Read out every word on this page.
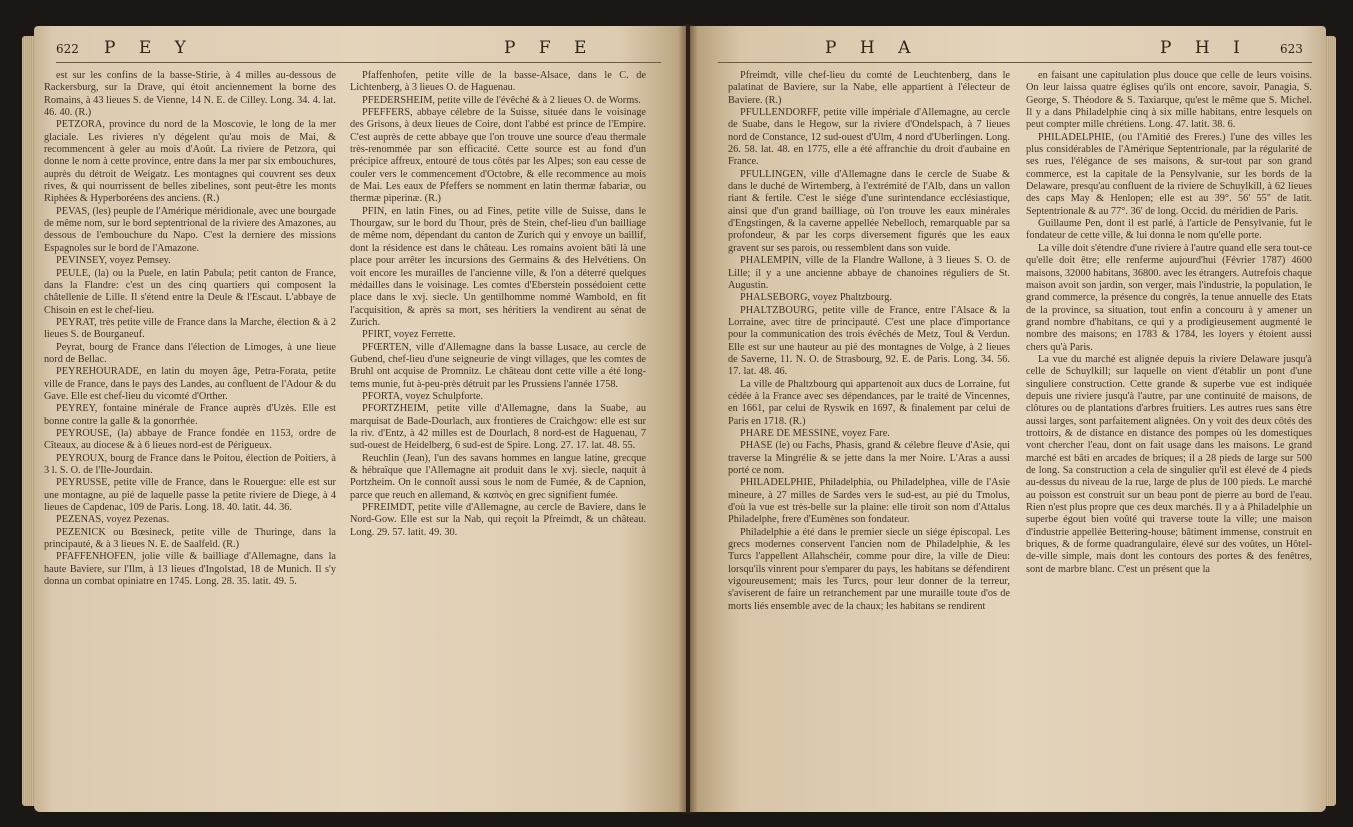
622 P E Y	P F E

est sur les confins de la basse-Stirie, à 4 milles au-dessous de Rackersburg, sur la Drave, qui étoit anciennement la borne des Romains, à 43 lieues S. de Vienne, 14 N. E. de Cilley. Long. 34. 4. lat. 46. 40. (R.)

PETZORA, province du nord de la Moscovie, le long de la mer glaciale. Les rivieres n'y dégelent qu'au mois de Mai, & recommencent à geler au mois d'Août. La riviere de Petzora, qui donne le nom à cette province, entre dans la mer par six embouchures, auprès du détroit de Weigatz. Les montagnes qui couvrent ses deux rives, & qui nourrissent de belles zibelines, sont peut-être les monts Riphées & Hyperboréens des anciens. (R.)

PEVAS, (les) peuple de l'Amérique méridionale, avec une bourgade de même nom, sur le bord septentrional de la riviere des Amazones, au dessous de l'embouchure du Napo. C'est la derniere des missions Espagnoles sur le bord de l'Amazone.

PEVINSEY, voyez Pemsey.

PEULE, (la) ou la Puele, en latin Pabula; petit canton de France, dans la Flandre: c'est un des cinq quartiers qui composent la châtellenie de Lille. Il s'étend entre la Deule & l'Escaut. L'abbaye de Chisoin en est le chef-lieu.

PEYRAT, très petite ville de France dans la Marche, élection & à 2 lieues S. de Bourganeuf.

Peyrat, bourg de France dans l'élection de Limoges, à une lieue nord de Bellac.

PEYREHOURADE, en latin du moyen âge, Petra-Forata, petite ville de France, dans le pays des Landes, au confluent de l'Adour & du Gave. Elle est chef-lieu du vicomté d'Orther.

PEYREY, fontaine minérale de France auprès d'Uzès. Elle est bonne contre la galle & la gonorrhée.

PEYROUSE, (la) abbaye de France fondée en 1153, ordre de Cîteaux, au diocese & à 6 lieues nord-est de Périgueux.

PEYROUX, bourg de France dans le Poitou, élection de Poitiers, à 3 l. S. O. de l'Ile-Jourdain.

PEYRUSSE, petite ville de France, dans le Rouergue: elle est sur une montagne, au pié de laquelle passe la petite riviere de Diege, à 4 lieues de Capdenac, 109 de Paris. Long. 18. 40. latit. 44. 36.

PEZENAS, voyez Pezenas.

PEZENICK ou Bœsineck, petite ville de Thuringe, dans la principauté, & à 3 lieues N. E. de Saalfeld. (R.)

PFAFFENHOFEN, jolie ville & bailliage d'Allemagne, dans la haute Baviere, sur l'Ilm, à 13 lieues d'Ingolstad, 18 de Munich. Il s'y donna un combat opiniatre en 1745. Long. 28. 35. latit. 49. 5.

Pfaffenhofen, petite ville de la basse-Alsace, dans le C. de Lichtenberg, à 3 lieues O. de Haguenau.

PFEDERSHEIM, petite ville de l'évêché & à 2 lieues O. de Worms.

PFEFFERS, abbaye célebre de la Suisse, située dans le voisinage des Grisons, à deux lieues de Coire, dont l'abbé est prince de l'Empire. C'est auprès de cette abbaye que l'on trouve une source d'eau thermale très-renommée par son efficacité. Cette source est au fond d'un précipice affreux, entouré de tous côtés par les Alpes; son eau cesse de couler vers le commencement d'Octobre, & elle recommence au mois de Mai. Les eaux de Pfeffers se nomment en latin thermæ fabariæ, ou thermæ piperinæ. (R.)

PFIN, en latin Fines, ou ad Fines, petite ville de Suisse, dans le Thourgaw, sur le bord du Thour, près de Stein, chef-lieu d'un bailliage de même nom, dépendant du canton de Zurich qui y envoye un baillif, dont la résidence est dans le château. Les romains avoient bâti là une place pour arrêter les incursions des Germains & des Helvétiens. On voit encore les murailles de l'ancienne ville, & l'on a déterré quelques médailles dans le voisinage. Les comtes d'Eberstein possédoient cette place dans le xvj. siecle. Un gentilhomme nommé Wambold, en fit l'acquisition, & après sa mort, ses héritiers la vendirent au sénat de Zurich.

PFIRT, voyez Ferrette.

PFŒRTEN, ville d'Allemagne dans la basse Lusace, au cercle de Gubend, chef-lieu d'une seigneurie de vingt villages, que les comtes de Bruhl ont acquise de Promnitz. Le château dont cette ville a été long-tems munie, fut à-peu-près détruit par les Prussiens l'année 1758.

PFORTA, voyez Schulpforte.

PFORTZHEIM, petite ville d'Allemagne, dans la Suabe, au marquisat de Bade-Dourlach, aux frontieres de Craichgow: elle est sur la riv. d'Entz, à 42 milles est de Dourlach, 8 nord-est de Haguenau, 7 sud-ouest de Heidelberg, 6 sud-est de Spire. Long. 27. 17. lat. 48. 55.

Reuchlin (Jean), l'un des savans hommes en langue latine, grecque & hébraïque que l'Allemagne ait produit dans le xvj. siecle, naquit à Portzheim. On le connoît aussi sous le nom de Fumée, & de Capnion, parce que reuch en allemand, & καπνὸς en grec signifient fumée.

PFREIMDT, petite ville d'Allemagne, au cercle de Baviere, dans le Nord-Gow. Elle est sur la Nab, qui reçoit la Pfreimdt, & un château. Long. 29. 57. latit. 49. 30.

P H A	P H I	623

Pfreimdt, ville chef-lieu du comté de Leuchtenberg, dans le palatinat de Baviere, sur la Nabe, elle appartient à l'électeur de Baviere. (R.)

PFULLENDORFF, petite ville impériale d'Allemagne, au cercle de Suabe, dans le Hegow, sur la riviere d'Ondelspach, à 7 lieues nord de Constance, 12 sud-ouest d'Ulm, 4 nord d'Uberlingen. Long. 26. 58. lat. 48. en 1775, elle a été affranchie du droit d'aubaine en France.

PFULLINGEN, ville d'Allemagne dans le cercle de Suabe & dans le duché de Wirtemberg, à l'extrémité de l'Alb, dans un vallon riant & fertile. C'est le siége d'une surintendance ecclésiastique, ainsi que d'un grand bailliage, où l'on trouve les eaux minérales d'Engstingen, & la caverne appellée Nebelloch, remarquable par sa profondeur, & par les corps diversement figurés que les eaux gravent sur ses parois, ou ressemblent dans son vuide.

PHALEMPIN, ville de la Flandre Wallone, à 3 lieues S. O. de Lille; il y a une ancienne abbaye de chanoines réguliers de St. Augustin.

PHALSEBORG, voyez Phaltzbourg.

PHALTZBOURG, petite ville de France, entre l'Alsace & la Lorraine, avec titre de principauté. C'est une place d'importance pour la communication des trois évêchés de Metz, Toul & Verdun. Elle est sur une hauteur au pié des montagnes de Volge, à 2 lieues de Saverne, 11. N. O. de Strasbourg, 92. E. de Paris. Long. 34. 56. 17. lat. 48. 46.

La ville de Phaltzbourg qui appartenoit aux ducs de Lorraine, fut cédée à la France avec ses dépendances, par le traité de Vincennes, en 1661, par celui de Ryswik en 1697, & finalement par celui de Paris en 1718. (R.)

PHARE DE MESSINE, voyez Fare.

PHASE (le) ou Fachs, Phasis, grand & célebre fleuve d'Asie, qui traverse la Mingrélie & se jette dans la mer Noire. L'Aras a aussi porté ce nom.

PHILADELPHIE, Philadelphia, ou Philadelphea, ville de l'Asie mineure, à 27 milles de Sardes vers le sud-est, au pié du Tmolus, d'où la vue est très-belle sur la plaine: elle tiroit son nom d'Attalus Philadelphe, frere d'Eumènes son fondateur.

Philadelphie a été dans le premier siecle un siége épiscopal. Les grecs modernes conservent l'ancien nom de Philadelphie, & les Turcs l'appellent Allahschéir, comme pour dire, la ville de Dieu: lorsqu'ils vinrent pour s'emparer du pays, les habitans se défendirent vigoureusement; mais les Turcs, pour leur donner de la terreur, s'aviserent de faire un retranchement par une muraille toute d'os de morts liés ensemble avec de la chaux; les habitans se rendirent

en faisant une capitulation plus douce que celle de leurs voisins. On leur laissa quatre églises qu'ils ont encore, savoir, Panagia, S. George, S. Théodore & S. Taxiarque, qu'est le même que S. Michel. Il y a dans Philadelphie cinq à six mille habitans, entre lesquels on peut compter mille chrétiens. Long. 47. latit. 38. 6.

PHILADELPHIE, (ou l'Amitié des Freres.) l'une des villes les plus considérables de l'Amérique Septentrionale, par la régularité de ses rues, l'élégance de ses maisons, & sur-tout par son grand commerce, est la capitale de la Pensylvanie, sur les bords de la Delaware, presqu'au confluent de la riviere de Schuylkill, à 62 lieues des caps May & Henlopen; elle est au 39°. 56' 55" de latit. Septentrionale & au 77°. 36' de long. Occid. du méridien de Paris.

Guillaume Pen, dont il est parlé, à l'article de Pensylvanie, fut le fondateur de cette ville, & lui donna le nom qu'elle porte.

La ville doit s'étendre d'une riviere à l'autre quand elle sera tout-ce qu'elle doit être; elle renferme aujourd'hui (Février 1787) 4600 maisons, 32000 habitans, 36800. avec les étrangers. Autrefois chaque maison avoit son jardin, son verger, mais l'industrie, la population, le grand commerce, la présence du congrès, la tenue annuelle des Etats de la province, sa situation, tout enfin a concouru à y amener un grand nombre d'habitans, ce qui y a prodigieusement augmenté le nombre des maisons; en 1783 & 1784, les loyers y étoient aussi chers qu'à Paris.

La vue du marché est alignée depuis la riviere Delaware jusqu'à celle de Schuylkill; sur laquelle on vient d'établir un pont d'une singuliere construction. Cette grande & superbe vue est indiquée depuis une riviere jusqu'à l'autre, par une continuité de maisons, de clôtures ou de plantations d'arbres fruitiers. Les autres rues sans être aussi larges, sont parfaitement alignées. On y voit des deux côtés des trottoirs, & de distance en distance des pompes où les domestiques vont chercher l'eau, dont on fait usage dans les maisons. Le grand marché est bâti en arcades de briques; il a 28 pieds de large sur 500 de long. Sa construction a cela de singulier qu'il est élevé de 4 pieds au-dessus du niveau de la rue, large de plus de 100 pieds. Le marché au poisson est construit sur un beau pont de pierre au bord de l'eau. Rien n'est plus propre que ces deux marchés. Il y a à Philadelphie un superbe égout bien voûté qui traverse toute la ville; une maison d'industrie appellée Bettering-house; bâtiment immense, construit en briques, & de forme quadrangulaire, élevé sur des voûtes, un Hôtel-de-ville simple, mais dont les contours des portes & des fenêtres, sont de marbre blanc. C'est un présent que la
